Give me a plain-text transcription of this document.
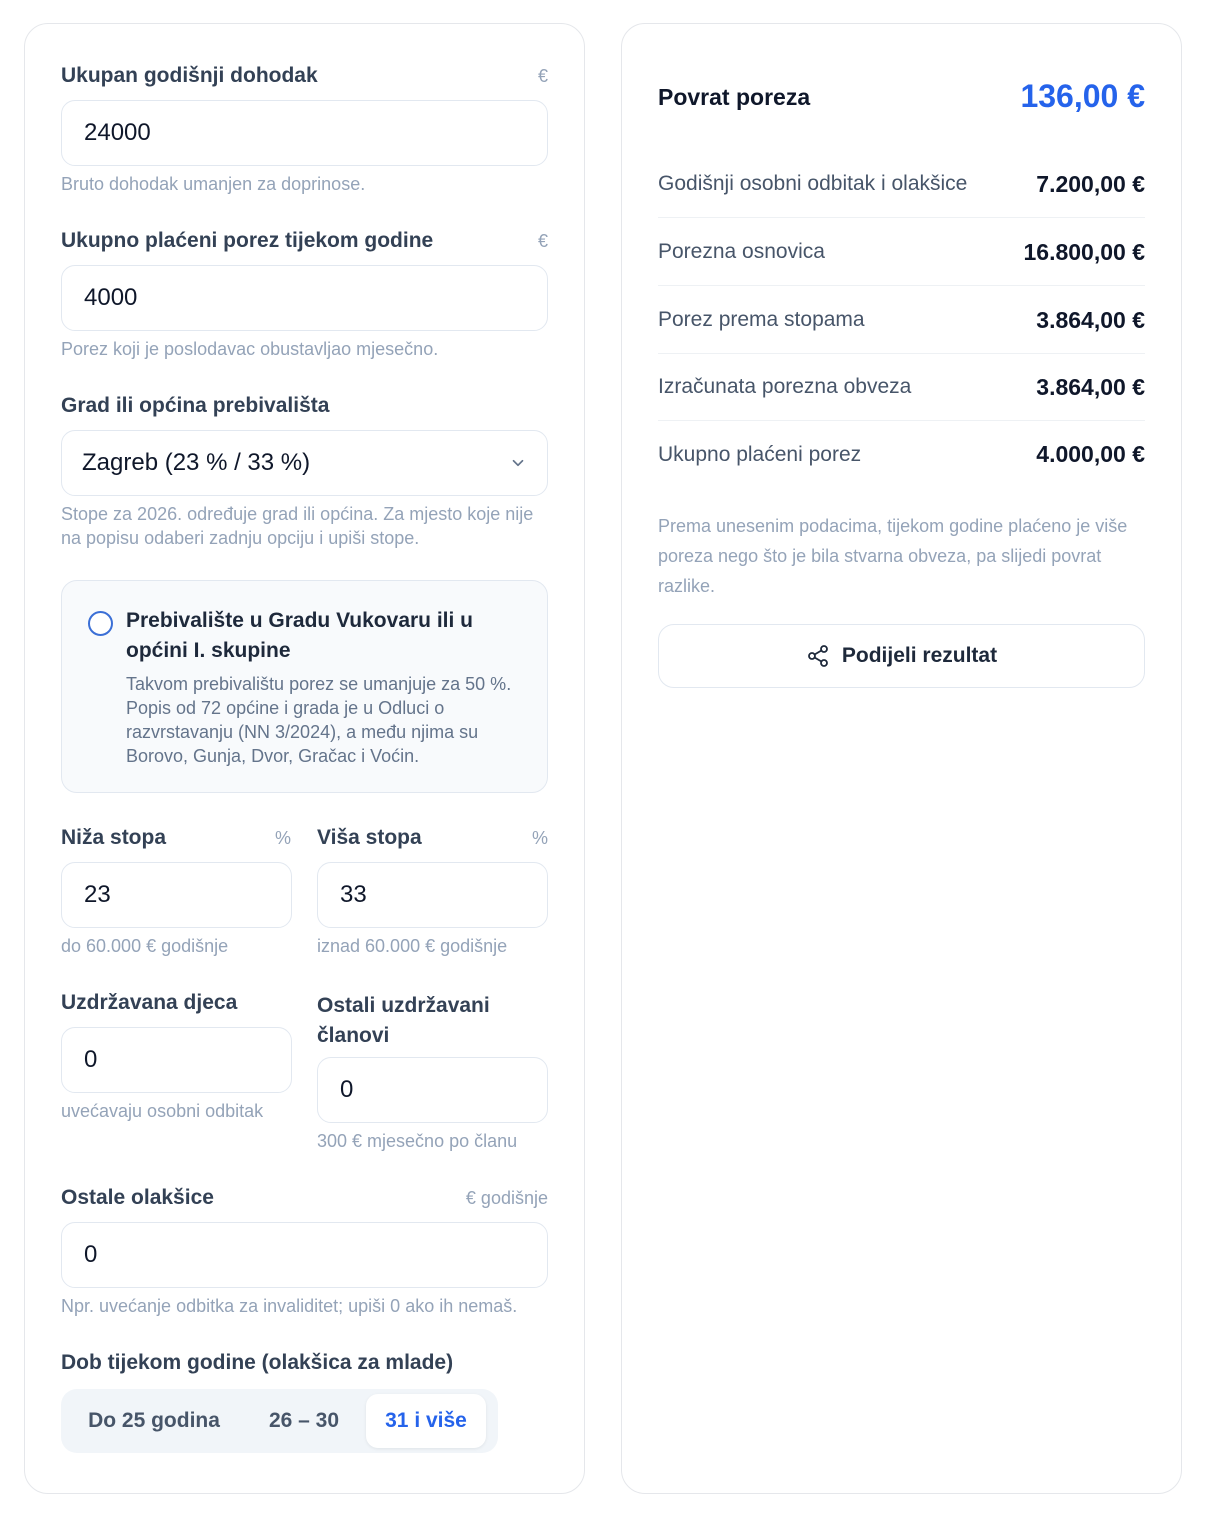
Ukupan godišnji dohodak	€
24000
Bruto dohodak umanjen za doprinose.
Ukupno plaćeni porez tijekom godine	€
4000
Porez koji je poslodavac obustavljao mjesečno.
Grad ili općina prebivališta
Zagreb (23 % / 33 %)
Stope za 2026. određuje grad ili općina. Za mjesto koje nije na popisu odaberi zadnju opciju i upiši stope.
Prebivalište u Gradu Vukovaru ili u općini I. skupine
Takvom prebivalištu porez se umanjuje za 50 %. Popis od 72 općine i grada je u Odluci o razvrstavanju (NN 3/2024), a među njima su Borovo, Gunja, Dvor, Gračac i Voćin.
Niža stopa	%
23
do 60.000 € godišnje
Viša stopa	%
33
iznad 60.000 € godišnje
Uzdržavana djeca
0
uvećavaju osobni odbitak
Ostali uzdržavani članovi
0
300 € mjesečno po članu
Ostale olakšice	€ godišnje
0
Npr. uvećanje odbitka za invaliditet; upiši 0 ako ih nemaš.
Dob tijekom godine (olakšica za mlade)
Do 25 godina	26 – 30	31 i više
Povrat poreza	136,00 €
Godišnji osobni odbitak i olakšice	7.200,00 €
Porezna osnovica	16.800,00 €
Porez prema stopama	3.864,00 €
Izračunata porezna obveza	3.864,00 €
Ukupno plaćeni porez	4.000,00 €
Prema unesenim podacima, tijekom godine plaćeno je više poreza nego što je bila stvarna obveza, pa slijedi povrat razlike.
Podijeli rezultat
